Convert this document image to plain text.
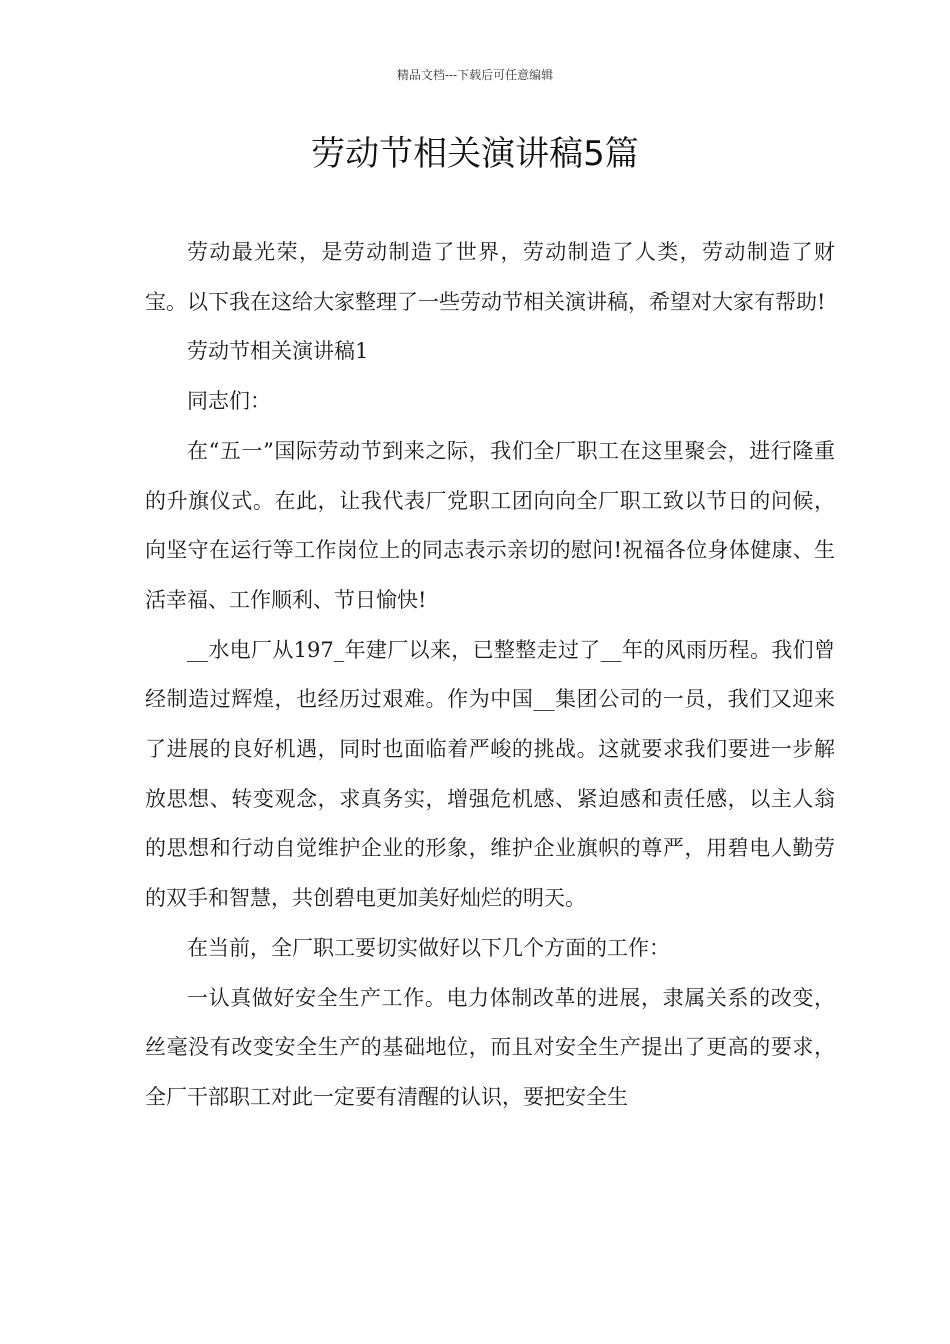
精品文档---下载后可任意编辑
劳动节相关演讲稿5篇

劳动最光荣，是劳动制造了世界，劳动制造了人类，劳动制造了财宝。以下我在这给大家整理了一些劳动节相关演讲稿，希望对大家有帮助!

劳动节相关演讲稿1

同志们：

在“五一”国际劳动节到来之际，我们全厂职工在这里聚会，进行隆重的升旗仪式。在此，让我代表厂党职工团向向全厂职工致以节日的问候，向坚守在运行等工作岗位上的同志表示亲切的慰问!祝福各位身体健康、生活幸福、工作顺利、节日愉快!

__水电厂从197_年建厂以来，已整整走过了__年的风雨历程。我们曾经制造过辉煌，也经历过艰难。作为中国__集团公司的一员，我们又迎来了进展的良好机遇，同时也面临着严峻的挑战。这就要求我们要进一步解放思想、转变观念，求真务实，增强危机感、紧迫感和责任感，以主人翁的思想和行动自觉维护企业的形象，维护企业旗帜的尊严，用碧电人勤劳的双手和智慧，共创碧电更加美好灿烂的明天。

在当前，全厂职工要切实做好以下几个方面的工作：

一认真做好安全生产工作。电力体制改革的进展，隶属关系的改变，丝毫没有改变安全生产的基础地位，而且对安全生产提出了更高的要求，全厂干部职工对此一定要有清醒的认识，要把安全生
